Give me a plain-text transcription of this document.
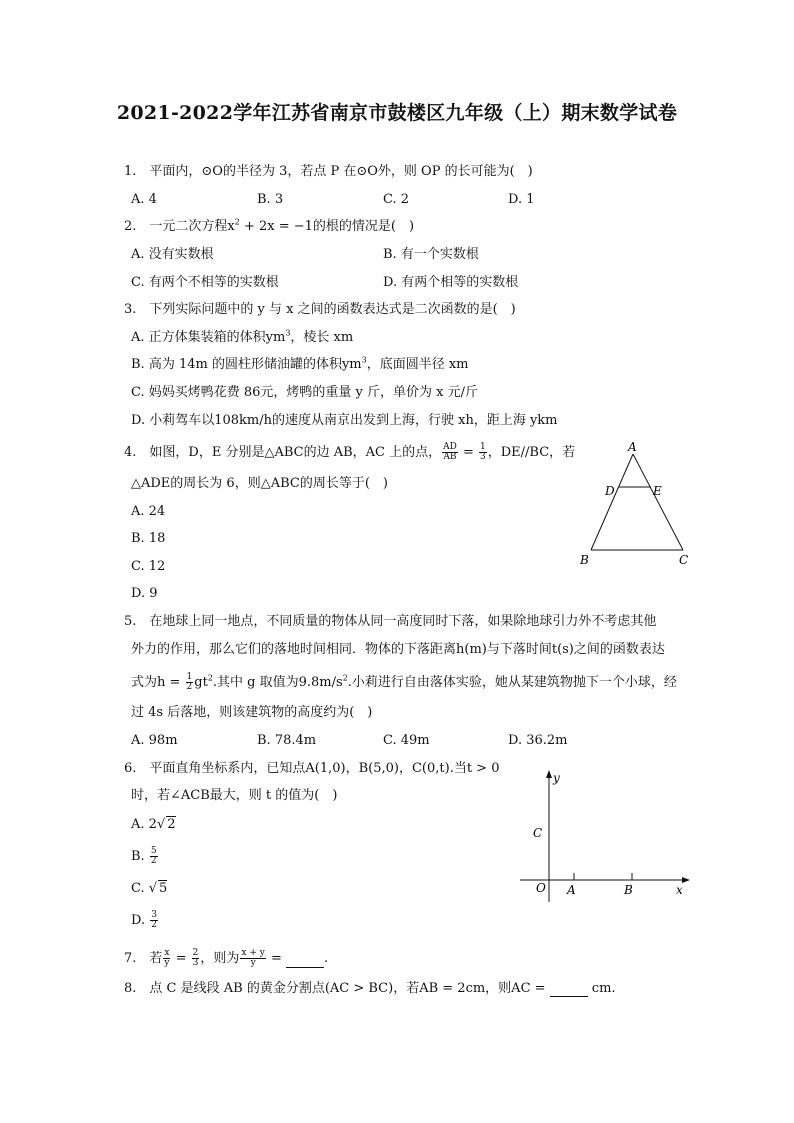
2021-2022学年江苏省南京市鼓楼区九年级（上）期末数学试卷
1.　平面内，⊙O的半径为 3，若点 P 在⊙O外，则 OP 的长可能为(　)
A. 4	B. 3	C. 2	D. 1
2.　一元二次方程$x^2 + 2x = -1$的根的情况是(　)
A. 没有实数根	B. 有一个实数根
C. 有两个不相等的实数根	D. 有两个相等的实数根
3.　下列实际问题中的 y 与 x 之间的函数表达式是二次函数的是(　)
A. 正方体集装箱的体积$ym^3$，棱长 xm
B. 高为 14m 的圆柱形储油罐的体积$ym^3$，底面圆半径 xm
C. 妈妈买烤鸭花费 86元，烤鸭的重量 y 斤，单价为 x 元/斤
D. 小莉驾车以108km/h的速度从南京出发到上海，行驶 xh，距上海 ykm
4.　如图，D，E 分别是△ABC的边 AB，AC 上的点， $\frac{AD}{AB} = \frac{1}{3}$ ，DE//BC，若
△ADE的周长为 6，则△ABC的周长等于(　)
A. 24
B. 18
C. 12
D. 9
A
D	E
B	C
5.　在地球上同一地点，不同质量的物体从同一高度同时下落，如果除地球引力外不考虑其他
外力的作用，那么它们的落地时间相同．物体的下落距离h(m)与下落时间t(s)之间的函数表达
式为$h = \frac{1}{2} gt^2$.其中 g 取值为$9.8m/s^2$.小莉进行自由落体实验，她从某建筑物抛下一个小球，经
过 4s 后落地，则该建筑物的高度约为(　)
A. 98m	B. 78.4m	C. 49m	D. 36.2m
6.　平面直角坐标系内，已知点A(1,0)，B(5,0)，C(0,t).当t > 0
时，若∠ACB最大，则 t 的值为(　)
A. 2√ 2
B. $\frac{5}{2}$
C. √ 5
D. $\frac{3}{2}$
y
x
O A	B
C
7.　若 $\frac{x}{y} = \frac{2}{3}$ ，则为 $\frac{x + y}{y}$ =	.
8.　点 C 是线段 AB 的黄金分割点(AC > BC)，若AB = 2cm，则AC =	cm.
